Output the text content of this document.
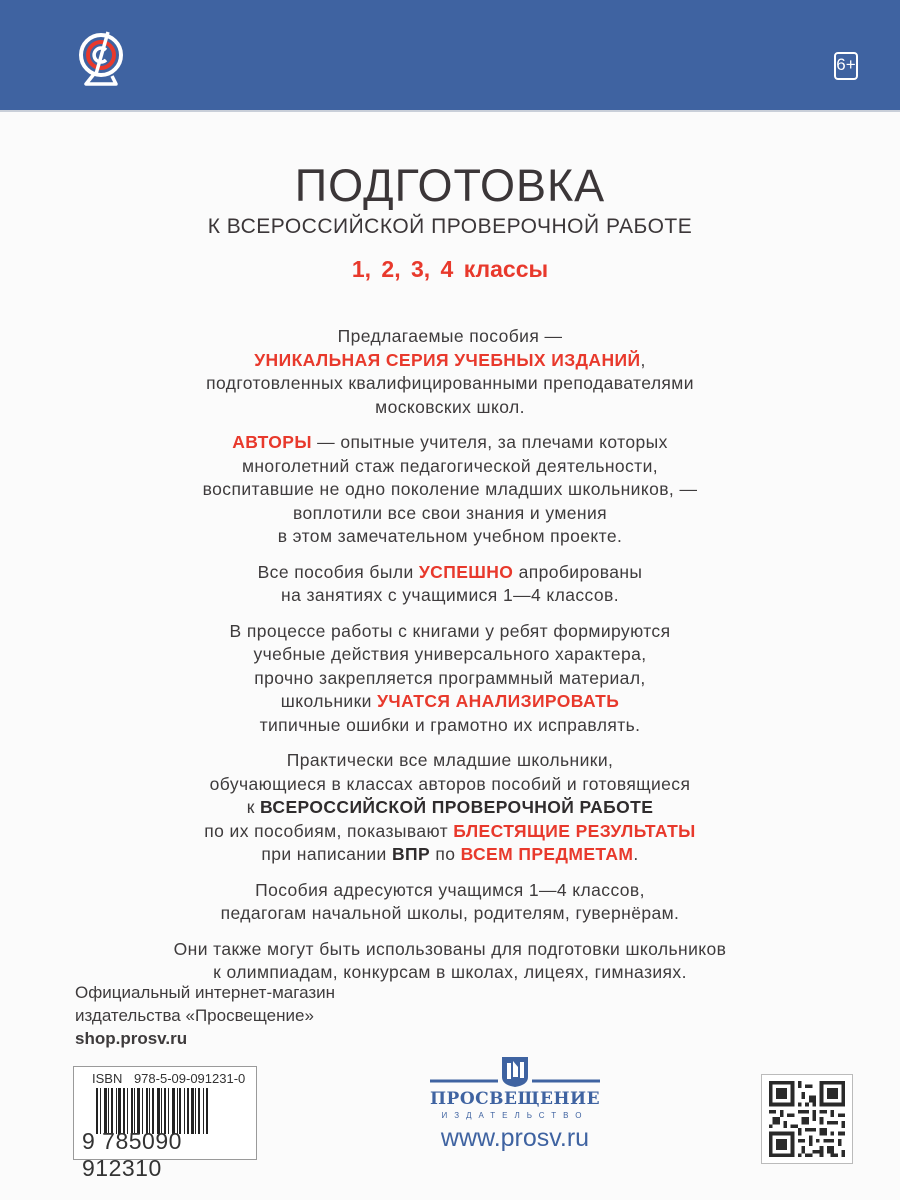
6+
ПОДГОТОВКА
К ВСЕРОССИЙСКОЙ ПРОВЕРОЧНОЙ РАБОТЕ
1, 2, 3, 4 классы

Предлагаемые пособия —
УНИКАЛЬНАЯ СЕРИЯ УЧЕБНЫХ ИЗДАНИЙ,
подготовленных квалифицированными преподавателями
московских школ.

АВТОРЫ — опытные учителя, за плечами которых
многолетний стаж педагогической деятельности,
воспитавшие не одно поколение младших школьников, —
воплотили все свои знания и умения
в этом замечательном учебном проекте.

Все пособия были УСПЕШНО апробированы
на занятиях с учащимися 1—4 классов.

В процессе работы с книгами у ребят формируются
учебные действия универсального характера,
прочно закрепляется программный материал,
школьники УЧАТСЯ АНАЛИЗИРОВАТЬ
типичные ошибки и грамотно их исправлять.

Практически все младшие школьники,
обучающиеся в классах авторов пособий и готовящиеся
к ВСЕРОССИЙСКОЙ ПРОВЕРОЧНОЙ РАБОТЕ
по их пособиям, показывают БЛЕСТЯЩИЕ РЕЗУЛЬТАТЫ
при написании ВПР по ВСЕМ ПРЕДМЕТАМ.

Пособия адресуются учащимся 1—4 классов,
педагогам начальной школы, родителям, гувернёрам.

Они также могут быть использованы для подготовки школьников
к олимпиадам, конкурсам в школах, лицеях, гимназиях.

Официальный интернет-магазин
издательства «Просвещение»
shop.prosv.ru
ISBN 978-5-09-091231-0
9 785090 912310
ПРОСВЕЩЕНИЕ
ИЗДАТЕЛЬСТВО
www.prosv.ru
